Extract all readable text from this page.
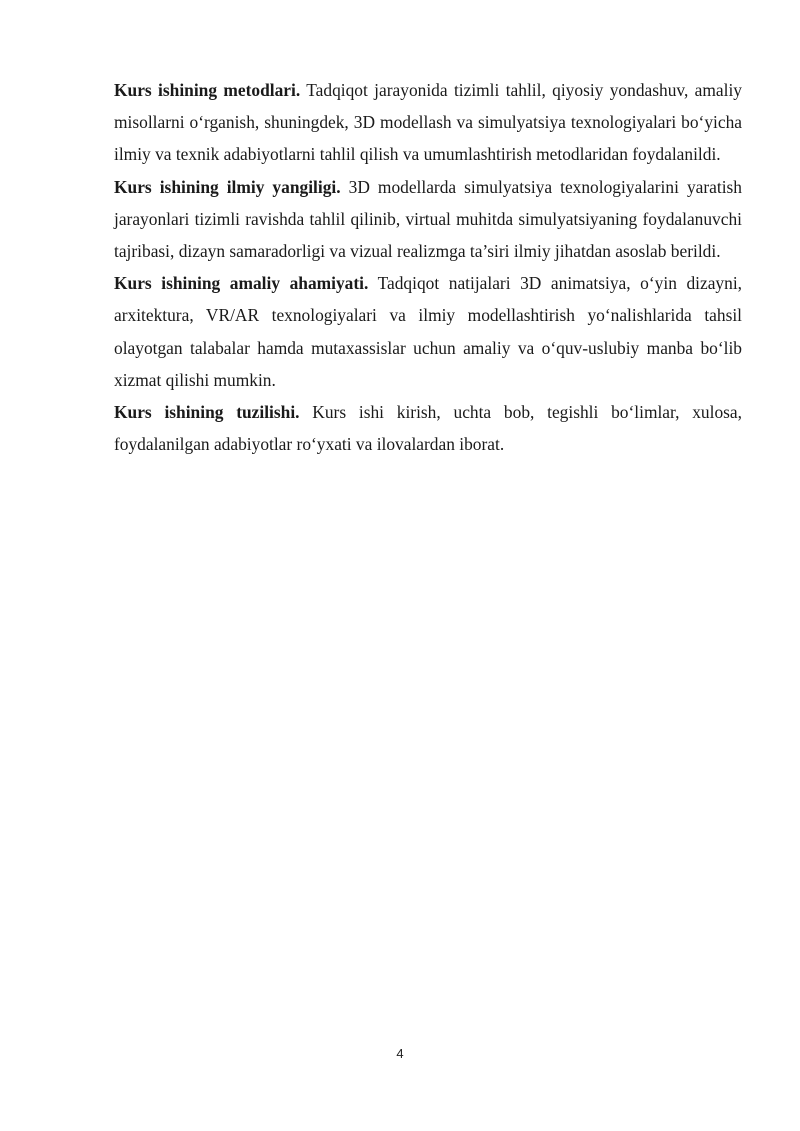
Kurs ishining metodlari. Tadqiqot jarayonida tizimli tahlil, qiyosiy yondashuv, amaliy misollarni o‘rganish, shuningdek, 3D modellash va simulyatsiya texnologiyalari bo‘yicha ilmiy va texnik adabiyotlarni tahlil qilish va umumlashtirish metodlaridan foydalanildi.

Kurs ishining ilmiy yangiligi. 3D modellarda simulyatsiya texnologiyalarini yaratish jarayonlari tizimli ravishda tahlil qilinib, virtual muhitda simulyatsiyaning foydalanuvchi tajribasi, dizayn samaradorligi va vizual realizmga ta’siri ilmiy jihatdan asoslab berildi.

Kurs ishining amaliy ahamiyati. Tadqiqot natijalari 3D animatsiya, o‘yin dizayni, arxitektura, VR/AR texnologiyalari va ilmiy modellashtirish yo‘nalishlarida tahsil olayotgan talabalar hamda mutaxassislar uchun amaliy va o‘quv-uslubiy manba bo‘lib xizmat qilishi mumkin.

Kurs ishining tuzilishi. Kurs ishi kirish, uchta bob, tegishli bo‘limlar, xulosa, foydalanilgan adabiyotlar ro‘yxati va ilovalardan iborat.

4
